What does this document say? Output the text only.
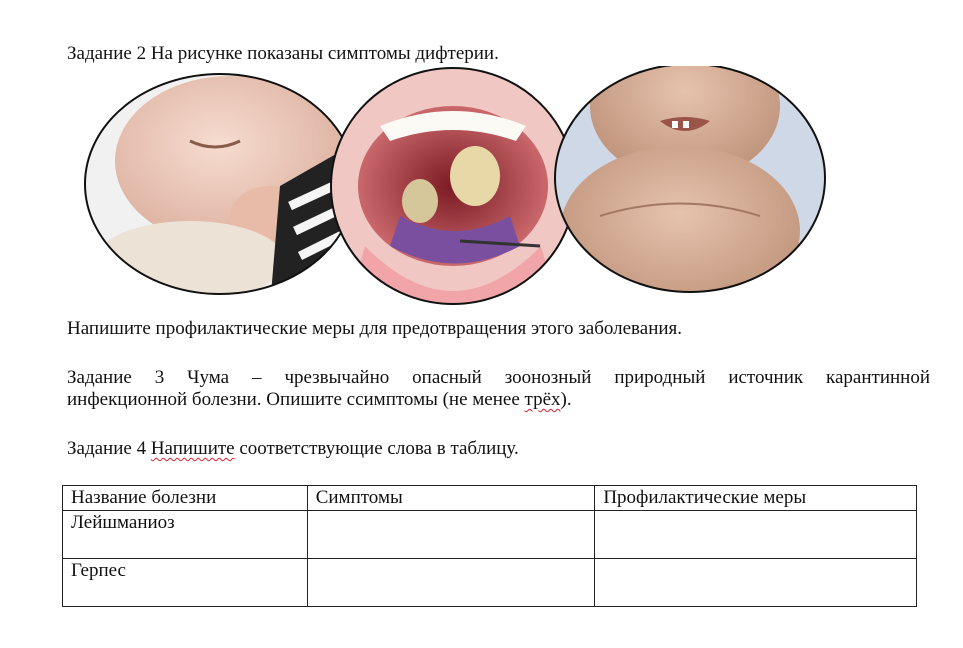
Задание 2 На рисунке показаны симптомы дифтерии.
Напишите профилактические меры для предотвращения этого заболевания.
Задание 3 Чума – чрезвычайно опасный зоонозный природный источник карантинной
инфекционной болезни. Опишите ссимптомы (не менее трёх).
Задание 4 Напишите соответствующие слова в таблицу.
Название болезни	Симптомы	Профилактические меры
Лейшманиоз		
Герпес		
